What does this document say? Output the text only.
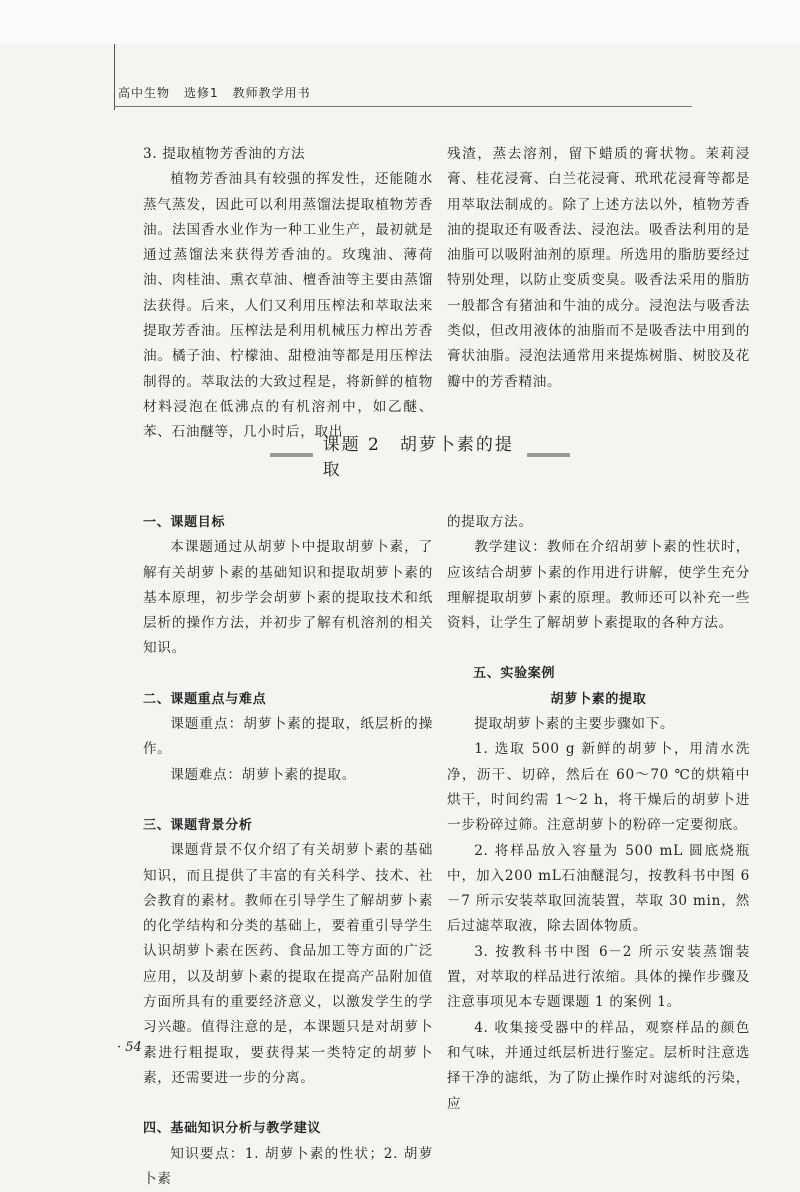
高中生物 选修1 教师教学用书

3. 提取植物芳香油的方法

植物芳香油具有较强的挥发性，还能随水蒸气蒸发，因此可以利用蒸馏法提取植物芳香油。法国香水业作为一种工业生产，最初就是通过蒸馏法来获得芳香油的。玫瑰油、薄荷油、肉桂油、熏衣草油、檀香油等主要由蒸馏法获得。后来，人们又利用压榨法和萃取法来提取芳香油。压榨法是利用机械压力榨出芳香油。橘子油、柠檬油、甜橙油等都是用压榨法制得的。萃取法的大致过程是，将新鲜的植物材料浸泡在低沸点的有机溶剂中，如乙醚、苯、石油醚等，几小时后，取出

残渣，蒸去溶剂，留下蜡质的膏状物。茉莉浸膏、桂花浸膏、白兰花浸膏、玳玳花浸膏等都是用萃取法制成的。除了上述方法以外，植物芳香油的提取还有吸香法、浸泡法。吸香法利用的是油脂可以吸附油剂的原理。所选用的脂肪要经过特别处理，以防止变质变臭。吸香法采用的脂肪一般都含有猪油和牛油的成分。浸泡法与吸香法类似，但改用液体的油脂而不是吸香法中用到的膏状油脂。浸泡法通常用来提炼树脂、树胶及花瓣中的芳香精油。

课题 2　胡萝卜素的提取

一、课题目标

本课题通过从胡萝卜中提取胡萝卜素，了解有关胡萝卜素的基础知识和提取胡萝卜素的基本原理，初步学会胡萝卜素的提取技术和纸层析的操作方法，并初步了解有机溶剂的相关知识。

二、课题重点与难点

课题重点：胡萝卜素的提取，纸层析的操作。

课题难点：胡萝卜素的提取。

三、课题背景分析

课题背景不仅介绍了有关胡萝卜素的基础知识，而且提供了丰富的有关科学、技术、社会教育的素材。教师在引导学生了解胡萝卜素的化学结构和分类的基础上，要着重引导学生认识胡萝卜素在医药、食品加工等方面的广泛应用，以及胡萝卜素的提取在提高产品附加值方面所具有的重要经济意义，以激发学生的学习兴趣。值得注意的是，本课题只是对胡萝卜素进行粗提取，要获得某一类特定的胡萝卜素，还需要进一步的分离。

四、基础知识分析与教学建议

知识要点：1. 胡萝卜素的性状；2. 胡萝卜素

的提取方法。

教学建议：教师在介绍胡萝卜素的性状时，应该结合胡萝卜素的作用进行讲解，使学生充分理解提取胡萝卜素的原理。教师还可以补充一些资料，让学生了解胡萝卜素提取的各种方法。

五、实验案例

胡萝卜素的提取

提取胡萝卜素的主要步骤如下。

1. 选取 500 g 新鲜的胡萝卜，用清水洗净，沥干、切碎，然后在 60～70 ℃的烘箱中烘干，时间约需 1～2 h，将干燥后的胡萝卜进一步粉碎过筛。注意胡萝卜的粉碎一定要彻底。

2. 将样品放入容量为 500 mL 圆底烧瓶中，加入200 mL石油醚混匀，按教科书中图 6－7 所示安装萃取回流装置，萃取 30 min，然后过滤萃取液，除去固体物质。

3. 按教科书中图 6－2 所示安装蒸馏装置，对萃取的样品进行浓缩。具体的操作步骤及注意事项见本专题课题 1 的案例 1。

4. 收集接受器中的样品，观察样品的颜色和气味，并通过纸层析进行鉴定。层析时注意选择干净的滤纸，为了防止操作时对滤纸的污染，应

· 54 ·
